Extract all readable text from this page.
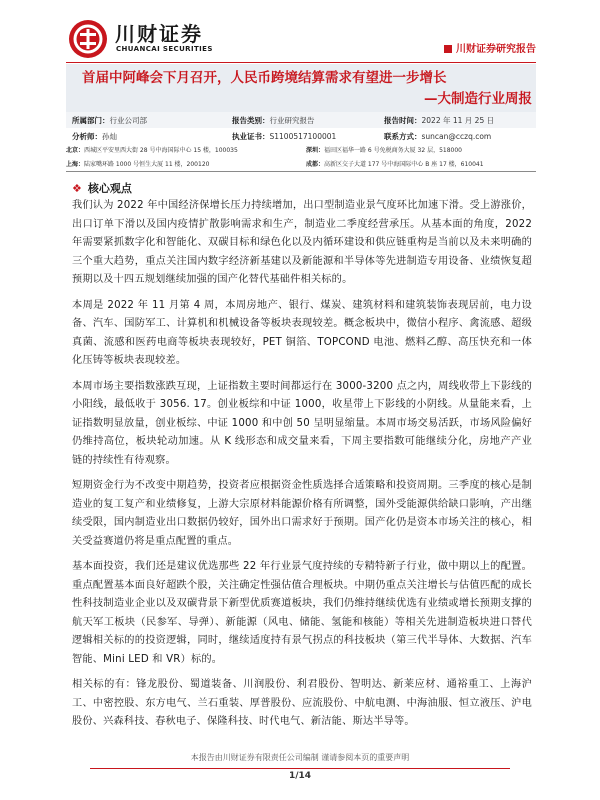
川财证券
CHUANCAI SECURITIES	川财证券研究报告
首届中阿峰会下月召开，人民币跨境结算需求有望进一步增长
—大制造行业周报
所属部门：行业公司部	报告类别：行业研究报告	报告时间：2022 年 11 月 25 日
分析师：孙灿	执业证书：S1100517100001	联系方式：suncan@cczq.com
北京：西城区平安里西大街 28 号中海国际中心 15 楼，100035	深圳：福田区福华一路 6 号免税商务大厦 32 层，518000
上海：陆家嘴环路 1000 号恒生大厦 11 楼，200120	成都：高新区交子大道 177 号中海国际中心 B 座 17 楼，610041
❖ 核心观点

我们认为 2022 年中国经济保增长压力持续增加，出口型制造业景气度环比加速下滑。受上游涨价，出口订单下滑以及国内疫情扩散影响需求和生产，制造业二季度经营承压。从基本面的角度，2022 年需要紧抓数字化和智能化、双碳目标和绿色化以及内循环建设和供应链重构是当前以及未来明确的三个重大趋势，重点关注国内数字经济新基建以及新能源和半导体等先进制造专用设备、业绩恢复超预期以及十四五规划继续加强的国产化替代基础件相关标的。

本周是 2022 年 11 月第 4 周，本周房地产、银行、煤炭、建筑材料和建筑装饰表现居前，电力设备、汽车、国防军工、计算机和机械设备等板块表现较差。概念板块中，微信小程序、禽流感、超级真菌、流感和医药电商等板块表现较好，PET 铜箔、TOPCOND 电池、燃料乙醇、高压快充和一体化压铸等板块表现较差。

本周市场主要指数涨跌互现，上证指数主要时间都运行在 3000-3200 点之内，周线收带上下影线的小阳线，最低收于 3056. 17。创业板综和中证 1000，收星带上下影线的小阴线。从量能来看，上证指数明显放量，创业板综、中证 1000 和中创 50 呈明显缩量。本周市场交易活跃，市场风险偏好仍维持高位，板块轮动加速。从 K 线形态和成交量来看，下周主要指数可能继续分化，房地产产业链的持续性有待观察。

短期资金行为不改变中期趋势，投资者应根据资金性质选择合适策略和投资周期。三季度的核心是制造业的复工复产和业绩修复，上游大宗原材料能源价格有所调整，国外受能源供给缺口影响，产出继续受限，国内制造业出口数据仍较好，国外出口需求好于预期。国产化仍是资本市场关注的核心，相关受益赛道仍将是重点配置的重点。

基本面投资，我们还是建议优选那些 22 年行业景气度持续的专精特新子行业，做中期以上的配置。重点配置基本面良好超跌个股，关注确定性强估值合理板块。中期仍重点关注增长与估值匹配的成长性科技制造业企业以及双碳背景下新型优质赛道板块，我们仍维持继续优选有业绩或增长预期支撑的航天军工板块（民参军、导弹）、新能源（风电、储能、氢能和核能）等相关先进制造板块进口替代逻辑相关标的的投资逻辑，同时，继续适度持有景气拐点的科技板块（第三代半导体、大数据、汽车智能、Mini LED 和 VR）标的。

相关标的有：锋龙股份、蜀道装备、川润股份、利君股份、智明达、新莱应材、通裕重工、上海沪工、中密控股、东方电气、兰石重装、厚普股份、应流股份、中航电测、中海油服、恒立液压、沪电股份、兴森科技、春秋电子、保隆科技、时代电气、新洁能、斯达半导等。

本报告由川财证券有限责任公司编制 谨请参阅本页的重要声明
1/14
